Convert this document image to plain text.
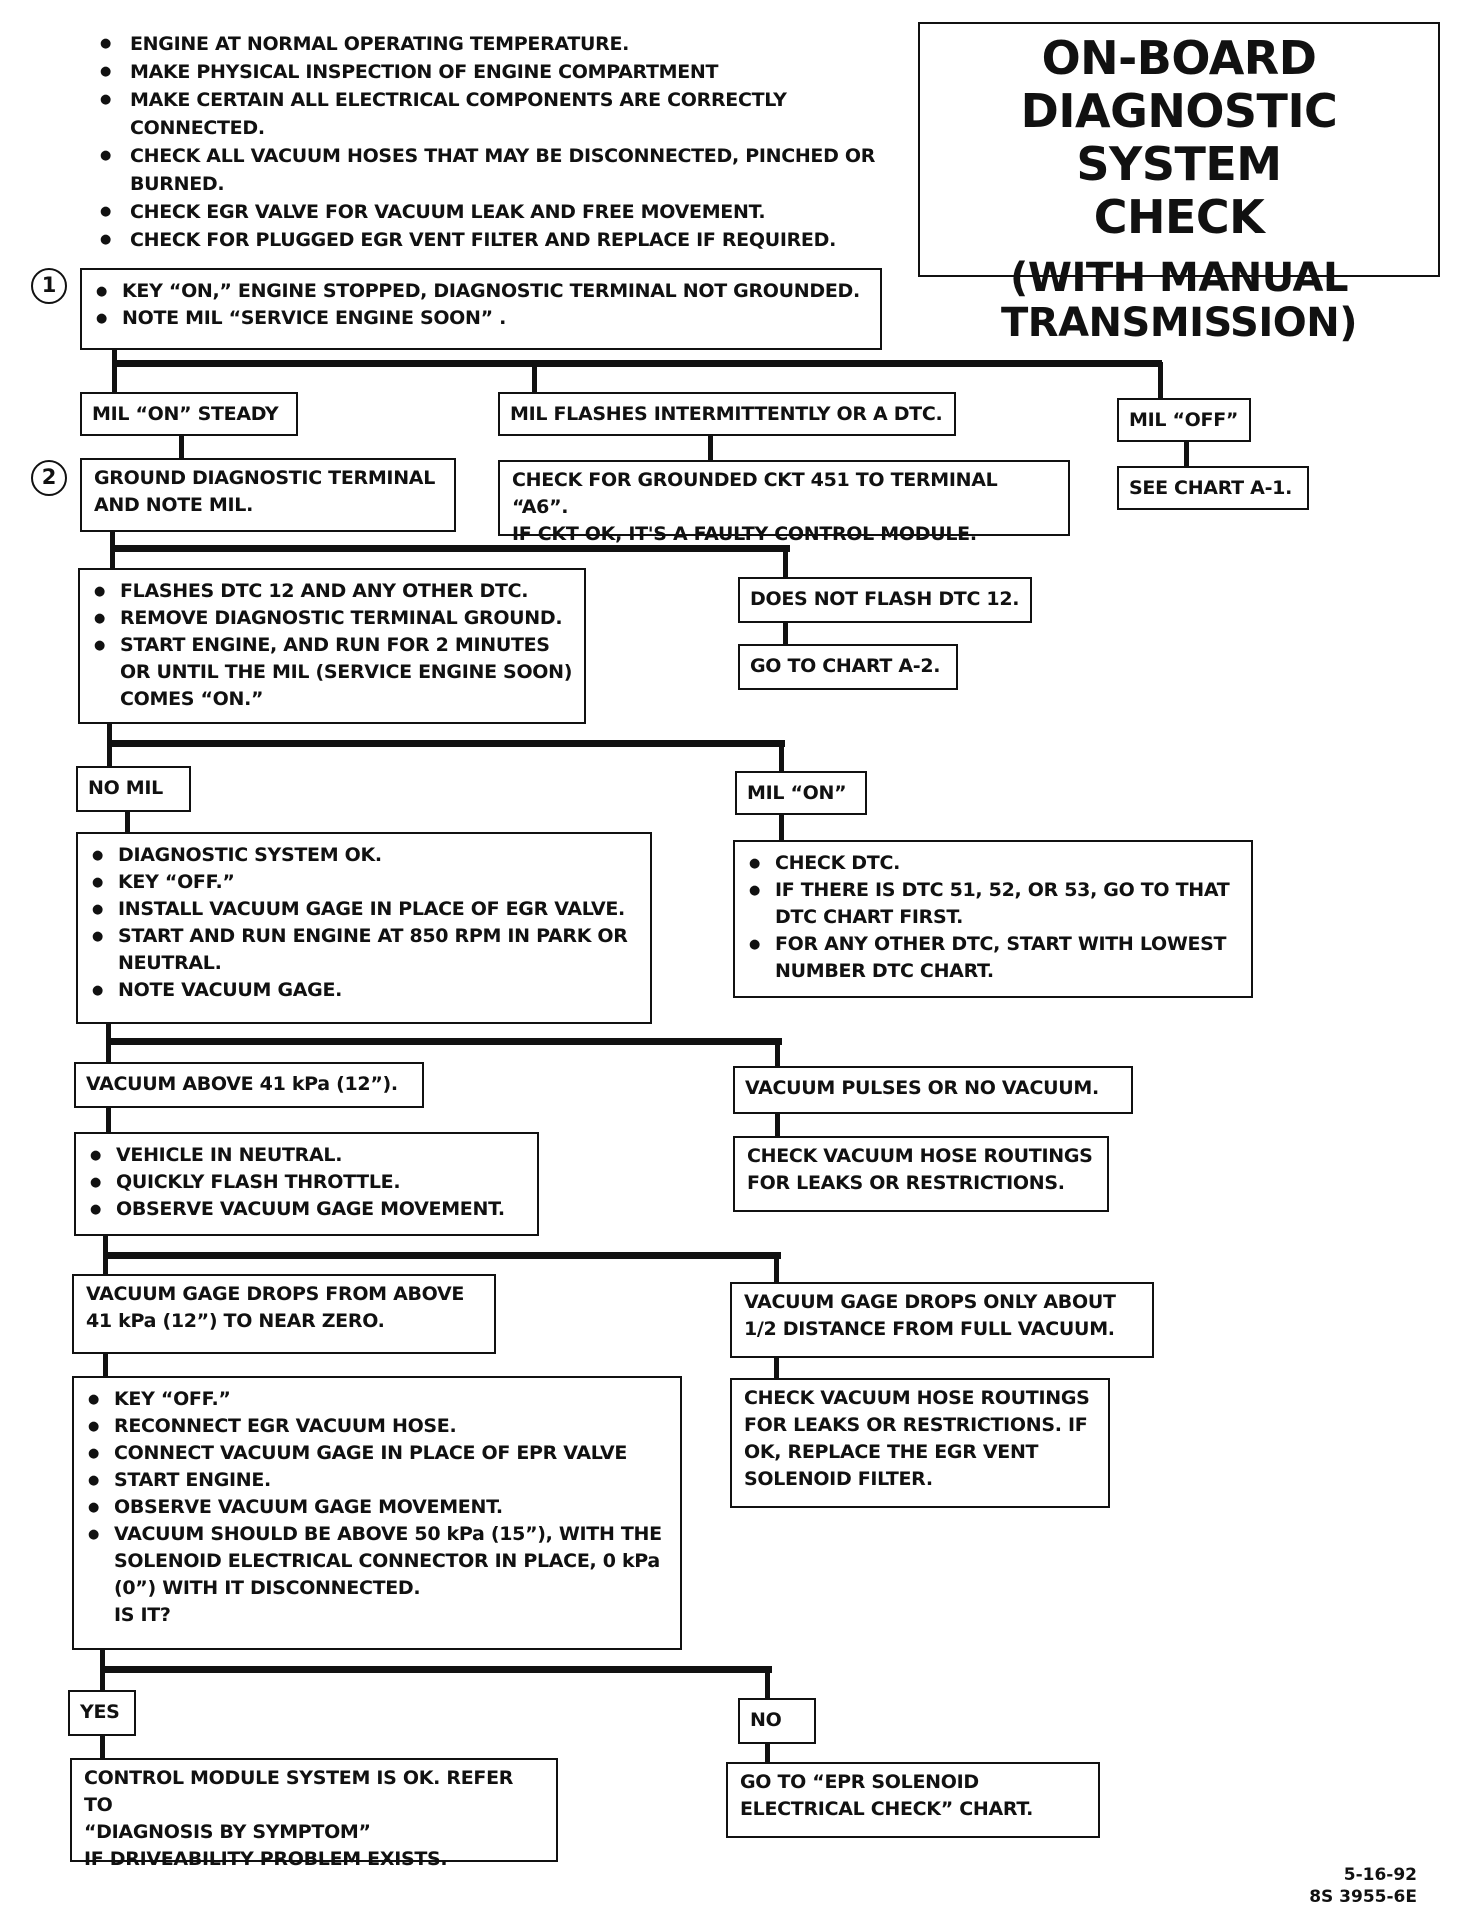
ON-BOARD
DIAGNOSTIC SYSTEM
CHECK
(WITH MANUAL
TRANSMISSION)
● ENGINE AT NORMAL OPERATING TEMPERATURE.
● MAKE PHYSICAL INSPECTION OF ENGINE COMPARTMENT
● MAKE CERTAIN ALL ELECTRICAL COMPONENTS ARE CORRECTLY CONNECTED.
● CHECK ALL VACUUM HOSES THAT MAY BE DISCONNECTED, PINCHED OR BURNED.
● CHECK EGR VALVE FOR VACUUM LEAK AND FREE MOVEMENT.
● CHECK FOR PLUGGED EGR VENT FILTER AND REPLACE IF REQUIRED.
1
2
● KEY “ON,” ENGINE STOPPED, DIAGNOSTIC TERMINAL NOT GROUNDED.
● NOTE MIL “SERVICE ENGINE SOON” .
MIL “ON” STEADY	MIL FLASHES INTERMITTENTLY OR A DTC.	MIL “OFF”
GROUND DIAGNOSTIC TERMINAL
AND NOTE MIL.
CHECK FOR GROUNDED CKT 451 TO TERMINAL “A6”.
IF CKT OK, IT'S A FAULTY CONTROL MODULE.
SEE CHART A-1.
● FLASHES DTC 12 AND ANY OTHER DTC.
● REMOVE DIAGNOSTIC TERMINAL GROUND.
● START ENGINE, AND RUN FOR 2 MINUTES OR UNTIL THE MIL (SERVICE ENGINE SOON) COMES “ON.”
DOES NOT FLASH DTC 12.
GO TO CHART A-2.
NO MIL	MIL “ON”
● DIAGNOSTIC SYSTEM OK.
● KEY “OFF.”
● INSTALL VACUUM GAGE IN PLACE OF EGR VALVE.
● START AND RUN ENGINE AT 850 RPM IN PARK OR NEUTRAL.
● NOTE VACUUM GAGE.
● CHECK DTC.
● IF THERE IS DTC 51, 52, OR 53, GO TO THAT DTC CHART FIRST.
● FOR ANY OTHER DTC, START WITH LOWEST NUMBER DTC CHART.
VACUUM ABOVE 41 kPa (12”).	VACUUM PULSES OR NO VACUUM.
● VEHICLE IN NEUTRAL.
● QUICKLY FLASH THROTTLE.
● OBSERVE VACUUM GAGE MOVEMENT.
CHECK VACUUM HOSE ROUTINGS
FOR LEAKS OR RESTRICTIONS.
VACUUM GAGE DROPS FROM ABOVE
41 kPa (12”) TO NEAR ZERO.
VACUUM GAGE DROPS ONLY ABOUT
1/2 DISTANCE FROM FULL VACUUM.
● KEY “OFF.”
● RECONNECT EGR VACUUM HOSE.
● CONNECT VACUUM GAGE IN PLACE OF EPR VALVE
● START ENGINE.
● OBSERVE VACUUM GAGE MOVEMENT.
● VACUUM SHOULD BE ABOVE 50 kPa (15”), WITH THE SOLENOID ELECTRICAL CONNECTOR IN PLACE, 0 kPa (0”) WITH IT DISCONNECTED.
IS IT?
CHECK VACUUM HOSE ROUTINGS
FOR LEAKS OR RESTRICTIONS. IF
OK, REPLACE THE EGR VENT
SOLENOID FILTER.
YES	NO
CONTROL MODULE SYSTEM IS OK. REFER TO
“DIAGNOSIS BY SYMPTOM”
IF DRIVEABILITY PROBLEM EXISTS.
GO TO “EPR SOLENOID
ELECTRICAL CHECK” CHART.
5-16-92
8S 3955-6E
